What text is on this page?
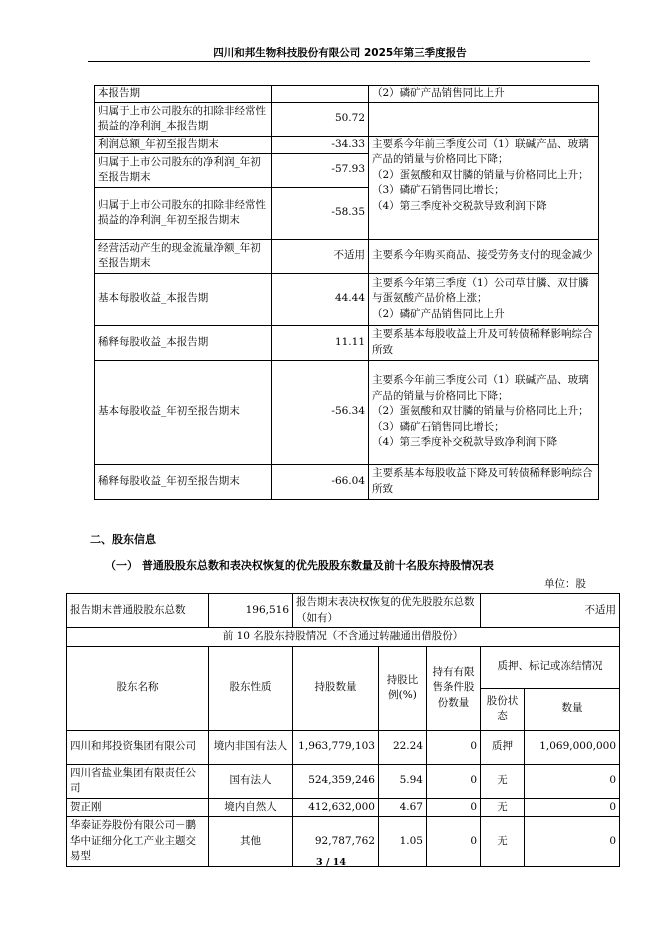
四川和邦生物科技股份有限公司 2025年第三季度报告
本报告期		（2）磷矿产品销售同比上升

归属于上市公司股东的扣除非经常性损益的净利润_本报告期	50.72	
利润总额_年初至报告期末	-34.33	主要系今年前三季度公司（1）联碱产品、玻璃产品的销量与价格同比下降；
（2）蛋氨酸和双甘膦的销量与价格同比上升；
（3）磷矿石销售同比增长；
（4）第三季度补交税款导致利润下降

归属于上市公司股东的净利润_年初至报告期末	-57.93	
归属于上市公司股东的扣除非经常性损益的净利润_年初至报告期末	-58.35	
经营活动产生的现金流量净额_年初至报告期末	不适用	主要系今年购买商品、接受劳务支付的现金减少

基本每股收益_本报告期	44.44	主要系今年第三季度（1）公司草甘膦、双甘膦与蛋氨酸产品价格上涨；
（2）磷矿产品销售同比上升

稀释每股收益_本报告期	11.11	主要系基本每股收益上升及可转债稀释影响综合所致

基本每股收益_年初至报告期末	-56.34	主要系今年前三季度公司（1）联碱产品、玻璃产品的销量与价格同比下降；
（2）蛋氨酸和双甘膦的销量与价格同比上升；
（3）磷矿石销售同比增长；
（4）第三季度补交税款导致净利润下降

稀释每股收益_年初至报告期末	-66.04	主要系基本每股收益下降及可转债稀释影响综合所致
二、股东信息
（一） 普通股股东总数和表决权恢复的优先股股东数量及前十名股东持股情况表
单位：股
报告期末普通股股东总数	196,516	报告期末表决权恢复的优先股股东总数（如有）			不适用	
前 10 名股东持股情况（不含通过转融通出借股份）						
股东名称	股东性质	持股数量	持股比例(%)	持有有限售条件股份数量	质押、标记或冻结情况	
					股份状态	数量
四川和邦投资集团有限公司	境内非国有法人	1,963,779,103	22.24	0	质押	1,069,000,000
四川省盐业集团有限责任公司	国有法人	524,359,246	5.94	0	无	0
贺正刚	境内自然人	412,632,000	4.67	0	无	0
华泰证券股份有限公司－鹏华中证细分化工产业主题交易型	其他	92,787,762	1.05	0	无	0
3 / 14
